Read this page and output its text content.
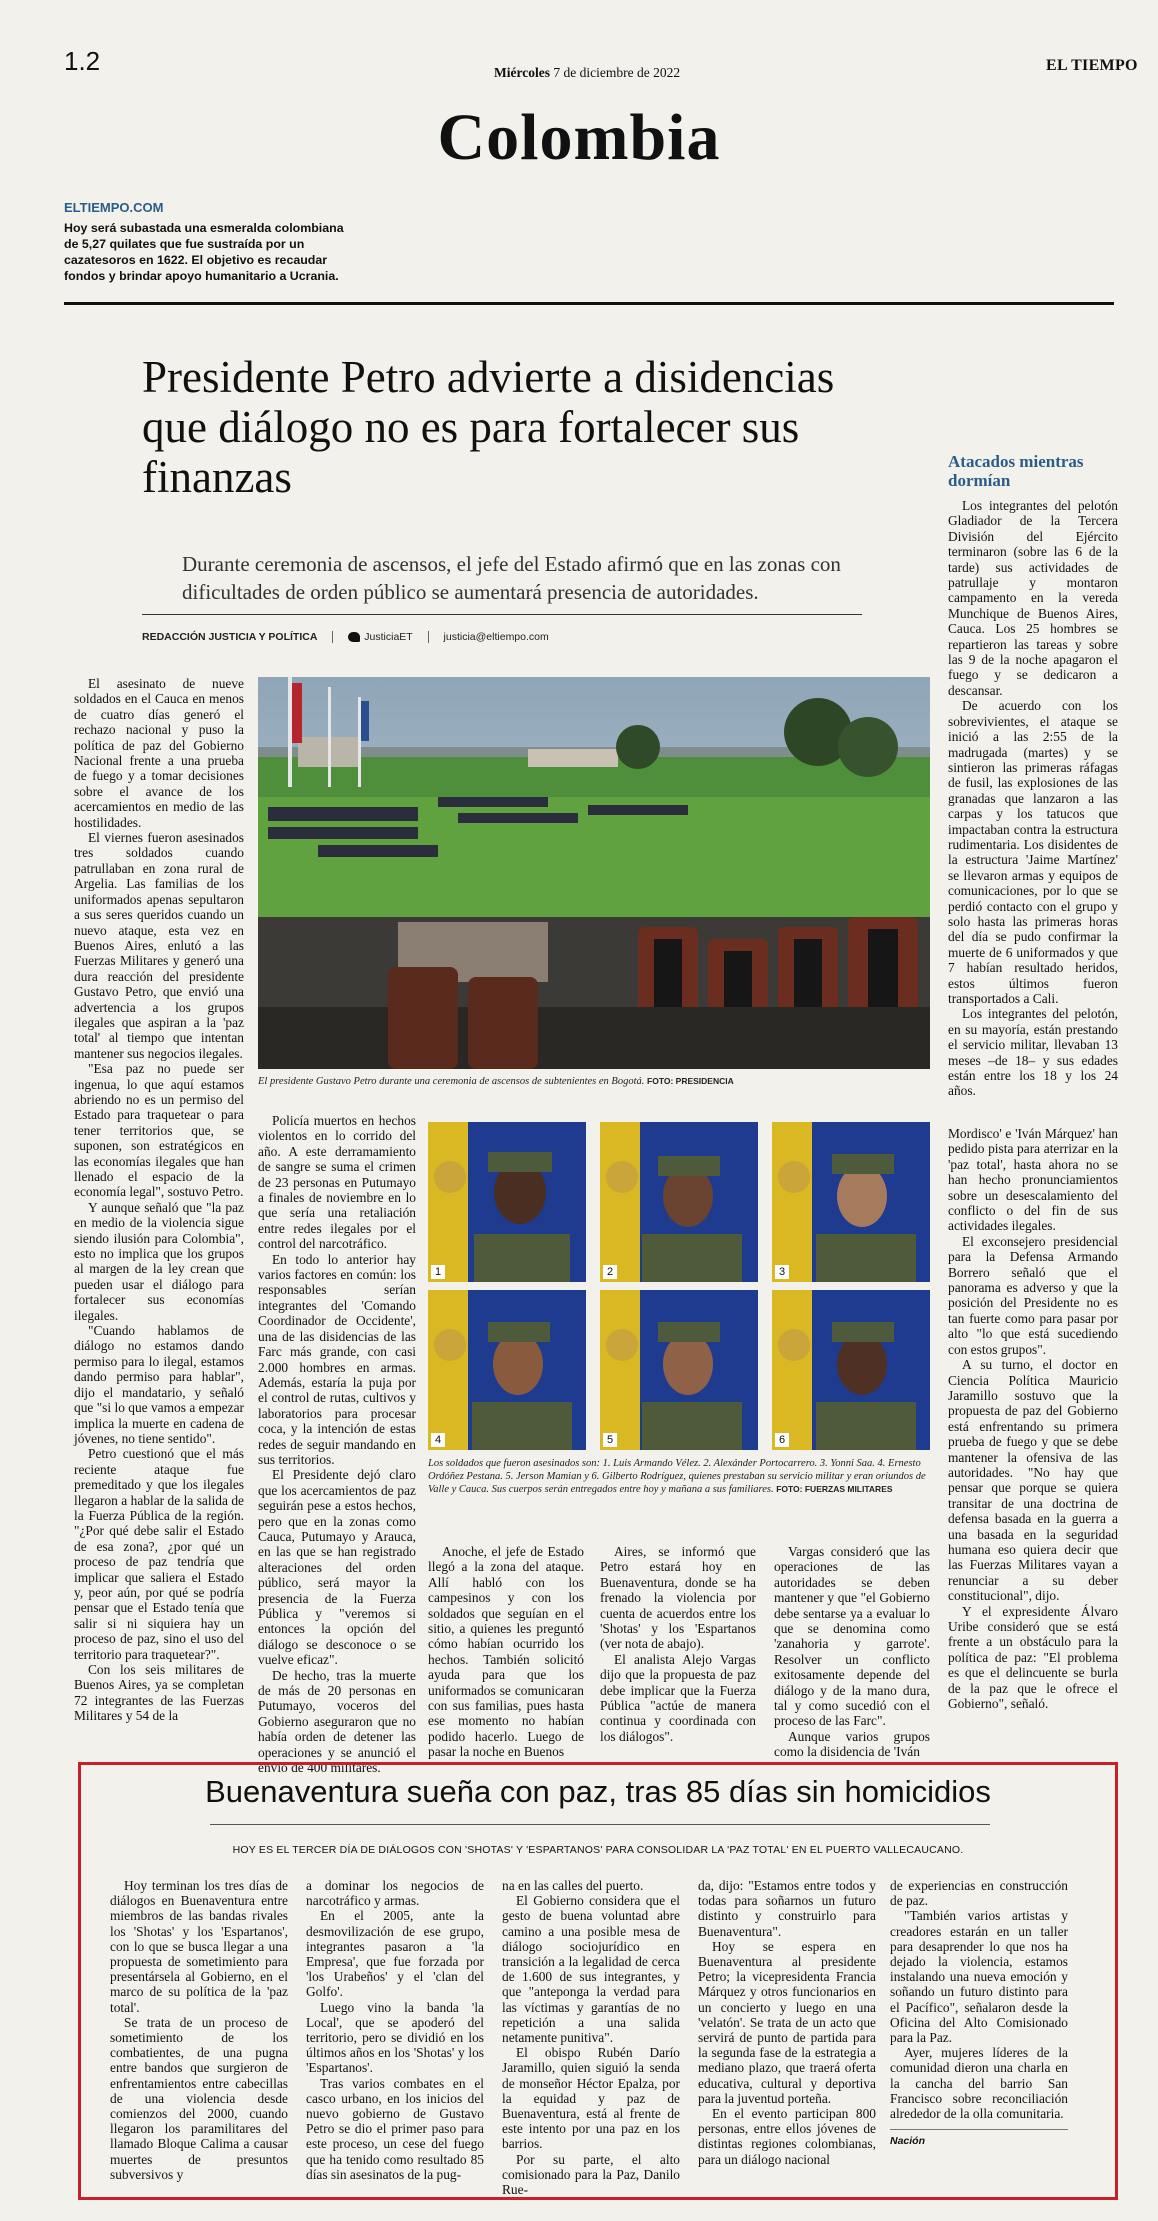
1.2	Miércoles 7 de diciembre de 2022	EL TIEMPO
Colombia
ELTIEMPO.COM
Hoy será subastada una esmeralda colombiana de 5,27 quilates que fue sustraída por un cazatesoros en 1622. El objetivo es recaudar fondos y brindar apoyo humanitario a Ucrania.
Presidente Petro advierte a disidencias que diálogo no es para fortalecer sus finanzas
Durante ceremonia de ascensos, el jefe del Estado afirmó que en las zonas con dificultades de orden público se aumentará presencia de autoridades.
REDACCIÓN JUSTICIA Y POLÍTICA	JusticiaET	justicia@eltiempo.com

El asesinato de nueve soldados en el Cauca en menos de cuatro días generó el rechazo nacional y puso la política de paz del Gobierno Nacional frente a una prueba de fuego y a tomar decisiones sobre el avance de los acercamientos en medio de las hostilidades.

El viernes fueron asesinados tres soldados cuando patrullaban en zona rural de Argelia. Las familias de los uniformados apenas sepultaron a sus seres queridos cuando un nuevo ataque, esta vez en Buenos Aires, enlutó a las Fuerzas Militares y generó una dura reacción del presidente Gustavo Petro, que envió una advertencia a los grupos ilegales que aspiran a la 'paz total' al tiempo que intentan mantener sus negocios ilegales.

"Esa paz no puede ser ingenua, lo que aquí estamos abriendo no es un permiso del Estado para traquetear o para tener territorios que, se suponen, son estratégicos en las economías ilegales que han llenado el espacio de la economía legal", sostuvo Petro.

Y aunque señaló que "la paz en medio de la violencia sigue siendo ilusión para Colombia", esto no implica que los grupos al margen de la ley crean que pueden usar el diálogo para fortalecer sus economías ilegales.

"Cuando hablamos de diálogo no estamos dando permiso para lo ilegal, estamos dando permiso para hablar", dijo el mandatario, y señaló que "si lo que vamos a empezar implica la muerte en cadena de jóvenes, no tiene sentido".

Petro cuestionó que el más reciente ataque fue premeditado y que los ilegales llegaron a hablar de la salida de la Fuerza Pública de la región. "¿Por qué debe salir el Estado de esa zona?, ¿por qué un proceso de paz tendría que implicar que saliera el Estado y, peor aún, por qué se podría pensar que el Estado tenía que salir si ni siquiera hay un proceso de paz, sino el uso del territorio para traquetear?".

Con los seis militares de Buenos Aires, ya se completan 72 integrantes de las Fuerzas Militares y 54 de la

El presidente Gustavo Petro durante una ceremonia de ascensos de subtenientes en Bogotá. FOTO: PRESIDENCIA

Policía muertos en hechos violentos en lo corrido del año. A este derramamiento de sangre se suma el crimen de 23 personas en Putumayo a finales de noviembre en lo que sería una retaliación entre redes ilegales por el control del narcotráfico.

En todo lo anterior hay varios factores en común: los responsables serían integrantes del 'Comando Coordinador de Occidente', una de las disidencias de las Farc más grande, con casi 2.000 hombres en armas. Además, estaría la puja por el control de rutas, cultivos y laboratorios para procesar coca, y la intención de estas redes de seguir mandando en sus territorios.

El Presidente dejó claro que los acercamientos de paz seguirán pese a estos hechos, pero que en la zonas como Cauca, Putumayo y Arauca, en las que se han registrado alteraciones del orden público, será mayor la presencia de la Fuerza Pública y "veremos si entonces la opción del diálogo se desconoce o se vuelve eficaz".

De hecho, tras la muerte de más de 20 personas en Putumayo, voceros del Gobierno aseguraron que no había orden de detener las operaciones y se anunció el envío de 400 militares.

1	2	3
4	5	6
Los soldados que fueron asesinados son: 1. Luis Armando Vélez. 2. Alexánder Portocarrero. 3. Yonni Saa. 4. Ernesto Ordóñez Pestana. 5. Jerson Mamian y 6. Gilberto Rodríguez, quienes prestaban su servicio militar y eran oriundos de Valle y Cauca. Sus cuerpos serán entregados entre hoy y mañana a sus familiares. FOTO: FUERZAS MILITARES

Anoche, el jefe de Estado llegó a la zona del ataque. Allí habló con los campesinos y con los soldados que seguían en el sitio, a quienes les preguntó cómo habían ocurrido los hechos. También solicitó ayuda para que los uniformados se comunicaran con sus familias, pues hasta ese momento no habían podido hacerlo. Luego de pasar la noche en Buenos

Aires, se informó que Petro estará hoy en Buenaventura, donde se ha frenado la violencia por cuenta de acuerdos entre los 'Shotas' y los 'Espartanos (ver nota de abajo).

El analista Alejo Vargas dijo que la propuesta de paz debe implicar que la Fuerza Pública "actúe de manera continua y coordinada con los diálogos".

Vargas consideró que las operaciones de las autoridades se deben mantener y que "el Gobierno debe sentarse ya a evaluar lo que se denomina como 'zanahoria y garrote'. Resolver un conflicto exitosamente depende del diálogo y de la mano dura, tal y como sucedió con el proceso de las Farc".

Aunque varios grupos como la disidencia de 'Iván

Atacados mientras dormían

Los integrantes del pelotón Gladiador de la Tercera División del Ejército terminaron (sobre las 6 de la tarde) sus actividades de patrullaje y montaron campamento en la vereda Munchique de Buenos Aires, Cauca. Los 25 hombres se repartieron las tareas y sobre las 9 de la noche apagaron el fuego y se dedicaron a descansar.

De acuerdo con los sobrevivientes, el ataque se inició a las 2:55 de la madrugada (martes) y se sintieron las primeras ráfagas de fusil, las explosiones de las granadas que lanzaron a las carpas y los tatucos que impactaban contra la estructura rudimentaria. Los disidentes de la estructura 'Jaime Martínez' se llevaron armas y equipos de comunicaciones, por lo que se perdió contacto con el grupo y solo hasta las primeras horas del día se pudo confirmar la muerte de 6 uniformados y que 7 habían resultado heridos, estos últimos fueron transportados a Cali.

Los integrantes del pelotón, en su mayoría, están prestando el servicio militar, llevaban 13 meses –de 18– y sus edades están entre los 18 y los 24 años.

Mordisco' e 'Iván Márquez' han pedido pista para aterrizar en la 'paz total', hasta ahora no se han hecho pronunciamientos sobre un desescalamiento del conflicto o del fin de sus actividades ilegales.

El exconsejero presidencial para la Defensa Armando Borrero señaló que el panorama es adverso y que la posición del Presidente no es tan fuerte como para pasar por alto "lo que está sucediendo con estos grupos".

A su turno, el doctor en Ciencia Política Mauricio Jaramillo sostuvo que la propuesta de paz del Gobierno está enfrentando su primera prueba de fuego y que se debe mantener la ofensiva de las autoridades. "No hay que pensar que porque se quiera transitar de una doctrina de defensa basada en la guerra a una basada en la seguridad humana eso quiera decir que las Fuerzas Militares vayan a renunciar a su deber constitucional", dijo.

Y el expresidente Álvaro Uribe consideró que se está frente a un obstáculo para la política de paz: "El problema es que el delincuente se burla de la paz que le ofrece el Gobierno", señaló.

Buenaventura sueña con paz, tras 85 días sin homicidios
HOY ES EL TERCER DÍA DE DIÁLOGOS CON 'SHOTAS' Y 'ESPARTANOS' PARA CONSOLIDAR LA 'PAZ TOTAL' EN EL PUERTO VALLECAUCANO.

Hoy terminan los tres días de diálogos en Buenaventura entre miembros de las bandas rivales los 'Shotas' y los 'Espartanos', con lo que se busca llegar a una propuesta de sometimiento para presentársela al Gobierno, en el marco de su política de la 'paz total'.

Se trata de un proceso de sometimiento de los combatientes, de una pugna entre bandos que surgieron de enfrentamientos entre cabecillas de una violencia desde comienzos del 2000, cuando llegaron los paramilitares del llamado Bloque Calima a causar muertes de presuntos subversivos y

a dominar los negocios de narcotráfico y armas.

En el 2005, ante la desmovilización de ese grupo, integrantes pasaron a 'la Empresa', que fue forzada por 'los Urabeños' y el 'clan del Golfo'.

Luego vino la banda 'la Local', que se apoderó del territorio, pero se dividió en los últimos años en los 'Shotas' y los 'Espartanos'.

Tras varios combates en el casco urbano, en los inicios del nuevo gobierno de Gustavo Petro se dio el primer paso para este proceso, un cese del fuego que ha tenido como resultado 85 días sin asesinatos de la pug-

na en las calles del puerto.

El Gobierno considera que el gesto de buena voluntad abre camino a una posible mesa de diálogo sociojurídico en transición a la legalidad de cerca de 1.600 de sus integrantes, y que "anteponga la verdad para las víctimas y garantías de no repetición a una salida netamente punitiva".

El obispo Rubén Darío Jaramillo, quien siguió la senda de monseñor Héctor Epalza, por la equidad y paz de Buenaventura, está al frente de este intento por una paz en los barrios.

Por su parte, el alto comisionado para la Paz, Danilo Rue-

da, dijo: "Estamos entre todos y todas para soñarnos un futuro distinto y construirlo para Buenaventura".

Hoy se espera en Buenaventura al presidente Petro; la vicepresidenta Francia Márquez y otros funcionarios en un concierto y luego en una 'velatón'. Se trata de un acto que servirá de punto de partida para la segunda fase de la estrategia a mediano plazo, que traerá oferta educativa, cultural y deportiva para la juventud porteña.

En el evento participan 800 personas, entre ellos jóvenes de distintas regiones colombianas, para un diálogo nacional

de experiencias en construcción de paz.

"También varios artistas y creadores estarán en un taller para desaprender lo que nos ha dejado la violencia, estamos instalando una nueva emoción y soñando un futuro distinto para el Pacífico", señalaron desde la Oficina del Alto Comisionado para la Paz.

Ayer, mujeres líderes de la comunidad dieron una charla en la cancha del barrio San Francisco sobre reconciliación alrededor de la olla comunitaria.

Nación
